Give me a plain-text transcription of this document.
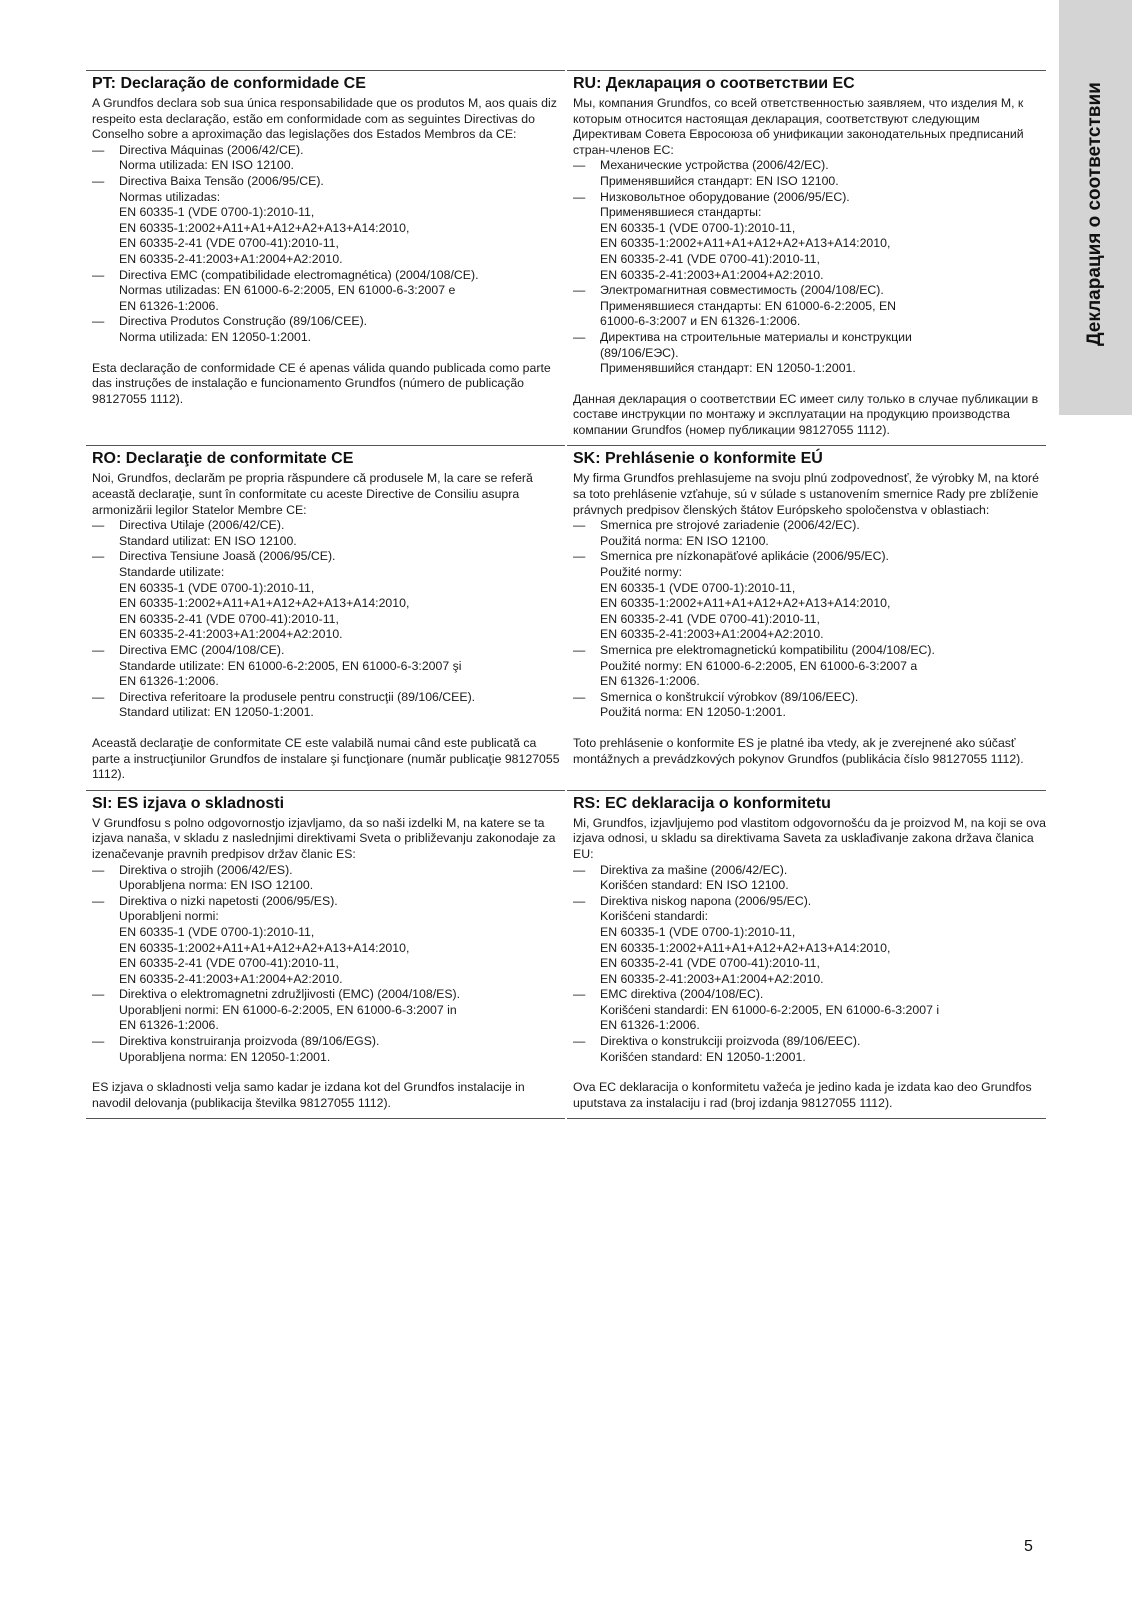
Декларация о соответствии
PT: Declaração de conformidade CE

A Grundfos declara sob sua única responsabilidade que os produtos M, aos quais diz respeito esta declaração, estão em conformidade com as seguintes Directivas do Conselho sobre a aproximação das legislações dos Estados Membros da CE:

— Directiva Máquinas (2006/42/CE).
Norma utilizada: EN ISO 12100.
— Directiva Baixa Tensão (2006/95/CE).
Normas utilizadas:
EN 60335-1 (VDE 0700-1):2010-11,
EN 60335-1:2002+A11+A1+A12+A2+A13+A14:2010,
EN 60335-2-41 (VDE 0700-41):2010-11,
EN 60335-2-41:2003+A1:2004+A2:2010.
— Directiva EMC (compatibilidade electromagnética) (2004/108/CE).
Normas utilizadas: EN 61000-6-2:2005, EN 61000-6-3:2007 e
EN 61326-1:2006.
— Directiva Produtos Construção (89/106/CEE).
Norma utilizada: EN 12050-1:2001.

Esta declaração de conformidade CE é apenas válida quando publicada como parte das instruções de instalação e funcionamento Grundfos (número de publicação 98127055 1112).

RU: Декларация о соответствии ЕС

Мы, компания Grundfos, со всей ответственностью заявляем, что изделия M, к которым относится настоящая декларация, соответствуют следующим Директивам Совета Евросоюза об унификации законодательных предписаний стран-членов ЕС:

— Механические устройства (2006/42/ЕС).
Применявшийся стандарт: EN ISO 12100.
— Низковольтное оборудование (2006/95/EC).
Применявшиеся стандарты:
EN 60335-1 (VDE 0700-1):2010-11,
EN 60335-1:2002+A11+A1+A12+A2+A13+A14:2010,
EN 60335-2-41 (VDE 0700-41):2010-11,
EN 60335-2-41:2003+A1:2004+A2:2010.
— Электромагнитная совместимость (2004/108/EC).
Применявшиеся стандарты: EN 61000-6-2:2005, EN
61000-6-3:2007 и EN 61326-1:2006.
— Директива на строительные материалы и конструкции
(89/106/ЕЭС).
Применявшийся стандарт: EN 12050-1:2001.

Данная декларация о соответствии ЕС имеет силу только в случае публикации в составе инструкции по монтажу и эксплуатации на продукцию производства компании Grundfos (номер публикации 98127055 1112).

RO: Declaraţie de conformitate CE

Noi, Grundfos, declarăm pe propria răspundere că produsele M, la care se referă această declaraţie, sunt în conformitate cu aceste Directive de Consiliu asupra armonizării legilor Statelor Membre CE:

— Directiva Utilaje (2006/42/CE).
Standard utilizat: EN ISO 12100.
— Directiva Tensiune Joasă (2006/95/CE).
Standarde utilizate:
EN 60335-1 (VDE 0700-1):2010-11,
EN 60335-1:2002+A11+A1+A12+A2+A13+A14:2010,
EN 60335-2-41 (VDE 0700-41):2010-11,
EN 60335-2-41:2003+A1:2004+A2:2010.
— Directiva EMC (2004/108/CE).
Standarde utilizate: EN 61000-6-2:2005, EN 61000-6-3:2007 şi
EN 61326-1:2006.
— Directiva referitoare la produsele pentru construcţii (89/106/CEE).
Standard utilizat: EN 12050-1:2001.

Această declaraţie de conformitate CE este valabilă numai când este publicată ca parte a instrucţiunilor Grundfos de instalare şi funcţionare (număr publicaţie 98127055 1112).

SK: Prehlásenie o konformite EÚ

My firma Grundfos prehlasujeme na svoju plnú zodpovednosť, že výrobky M, na ktoré sa toto prehlásenie vzťahuje, sú v súlade s ustanovením smernice Rady pre zblíženie právnych predpisov členských štátov Európskeho spoločenstva v oblastiach:

— Smernica pre strojové zariadenie (2006/42/EC).
Použitá norma: EN ISO 12100.
— Smernica pre nízkonapäťové aplikácie (2006/95/EC).
Použité normy:
EN 60335-1 (VDE 0700-1):2010-11,
EN 60335-1:2002+A11+A1+A12+A2+A13+A14:2010,
EN 60335-2-41 (VDE 0700-41):2010-11,
EN 60335-2-41:2003+A1:2004+A2:2010.
— Smernica pre elektromagnetickú kompatibilitu (2004/108/EC).
Použité normy: EN 61000-6-2:2005, EN 61000-6-3:2007 a
EN 61326-1:2006.
— Smernica o konštrukcií výrobkov (89/106/EEC).
Použitá norma: EN 12050-1:2001.

Toto prehlásenie o konformite ES je platné iba vtedy, ak je zverejnené ako súčasť montážnych a prevádzkových pokynov Grundfos (publikácia číslo 98127055 1112).

SI: ES izjava o skladnosti

V Grundfosu s polno odgovornostjo izjavljamo, da so naši izdelki M, na katere se ta izjava nanaša, v skladu z naslednjimi direktivami Sveta o približevanju zakonodaje za izenačevanje pravnih predpisov držav članic ES:

— Direktiva o strojih (2006/42/ES).
Uporabljena norma: EN ISO 12100.
— Direktiva o nizki napetosti (2006/95/ES).
Uporabljeni normi:
EN 60335-1 (VDE 0700-1):2010-11,
EN 60335-1:2002+A11+A1+A12+A2+A13+A14:2010,
EN 60335-2-41 (VDE 0700-41):2010-11,
EN 60335-2-41:2003+A1:2004+A2:2010.
— Direktiva o elektromagnetni združljivosti (EMC) (2004/108/ES).
Uporabljeni normi: EN 61000-6-2:2005, EN 61000-6-3:2007 in
EN 61326-1:2006.
— Direktiva konstruiranja proizvoda (89/106/EGS).
Uporabljena norma: EN 12050-1:2001.

ES izjava o skladnosti velja samo kadar je izdana kot del Grundfos instalacije in navodil delovanja (publikacija številka 98127055 1112).

RS: EC deklaracija o konformitetu

Mi, Grundfos, izjavljujemo pod vlastitom odgovornošću da je proizvod M, na koji se ova izjava odnosi, u skladu sa direktivama Saveta za usklađivanje zakona država članica EU:

— Direktiva za mašine (2006/42/EC).
Korišćen standard: EN ISO 12100.
— Direktiva niskog napona (2006/95/EC).
Korišćeni standardi:
EN 60335-1 (VDE 0700-1):2010-11,
EN 60335-1:2002+A11+A1+A12+A2+A13+A14:2010,
EN 60335-2-41 (VDE 0700-41):2010-11,
EN 60335-2-41:2003+A1:2004+A2:2010.
— EMC direktiva (2004/108/EC).
Korišćeni standardi: EN 61000-6-2:2005, EN 61000-6-3:2007 i
EN 61326-1:2006.
— Direktiva o konstrukciji proizvoda (89/106/EEC).
Korišćen standard: EN 12050-1:2001.

Ova EC deklaracija o konformitetu važeća je jedino kada je izdata kao deo Grundfos uputstava za instalaciju i rad (broj izdanja 98127055 1112).

5
